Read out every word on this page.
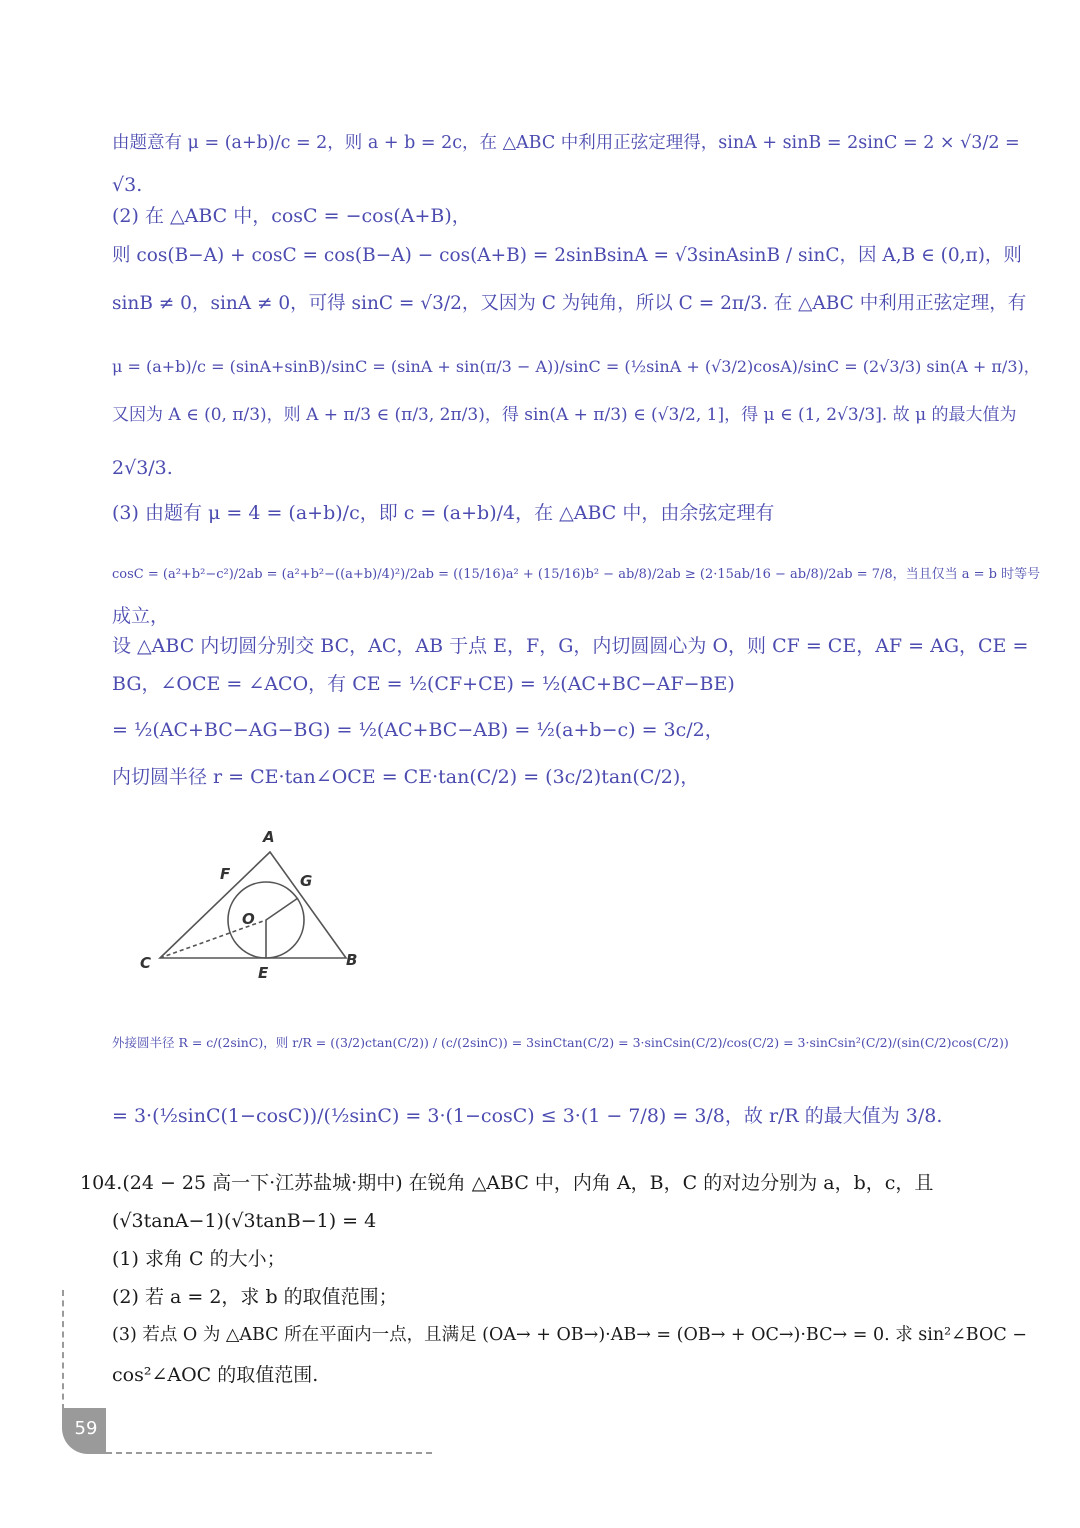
由题意有 μ = (a+b)/c = 2，则 a + b = 2c，在 △ABC 中利用正弦定理得，sinA + sinB = 2sinC = 2 × √3/2 =
√3.
(2) 在 △ABC 中，cosC = −cos(A+B)，
则 cos(B−A) + cosC = cos(B−A) − cos(A+B) = 2sinBsinA = √3sinAsinB / sinC，因 A,B ∈ (0,π)，则
sinB ≠ 0，sinA ≠ 0，可得 sinC = √3/2，又因为 C 为钝角，所以 C = 2π/3. 在 △ABC 中利用正弦定理，有
μ = (a+b)/c = (sinA+sinB)/sinC = (sinA + sin(π/3 − A))/sinC = (½sinA + (√3/2)cosA)/sinC = (2√3/3) sin(A + π/3)，
又因为 A ∈ (0, π/3)，则 A + π/3 ∈ (π/3, 2π/3)，得 sin(A + π/3) ∈ (√3/2, 1]，得 μ ∈ (1, 2√3/3]. 故 μ 的最大值为
2√3/3.
(3) 由题有 μ = 4 = (a+b)/c，即 c = (a+b)/4，在 △ABC 中，由余弦定理有
cosC = (a²+b²−c²)/2ab = (a²+b²−((a+b)/4)²)/2ab = ((15/16)a² + (15/16)b² − ab/8)/2ab ≥ (2·15ab/16 − ab/8)/2ab = 7/8，当且仅当 a = b 时等号
成立，
设 △ABC 内切圆分别交 BC，AC，AB 于点 E，F，G，内切圆圆心为 O，则 CF = CE，AF = AG，CE =
BG，∠OCE = ∠ACO，有 CE = ½(CF+CE) = ½(AC+BC−AF−BE)
= ½(AC+BC−AG−BG) = ½(AC+BC−AB) = ½(a+b−c) = 3c/2，
内切圆半径 r = CE·tan∠OCE = CE·tan(C/2) = (3c/2)tan(C/2)，
A
F	G
O
C
E
B
外接圆半径 R = c/(2sinC)，则 r/R = ((3/2)ctan(C/2)) / (c/(2sinC)) = 3sinCtan(C/2) = 3·sinCsin(C/2)/cos(C/2) = 3·sinCsin²(C/2)/(sin(C/2)cos(C/2))
= 3·(½sinC(1−cosC))/(½sinC) = 3·(1−cosC) ≤ 3·(1 − 7/8) = 3/8，故 r/R 的最大值为 3/8.
104.(24 − 25 高一下·江苏盐城·期中) 在锐角 △ABC 中，内角 A，B，C 的对边分别为 a，b，c，且
(√3tanA−1)(√3tanB−1) = 4
(1) 求角 C 的大小；
(2) 若 a = 2，求 b 的取值范围；
(3) 若点 O 为 △ABC 所在平面内一点，且满足 (OA→ + OB→)·AB→ = (OB→ + OC→)·BC→ = 0. 求 sin²∠BOC −
cos²∠AOC 的取值范围.
59
